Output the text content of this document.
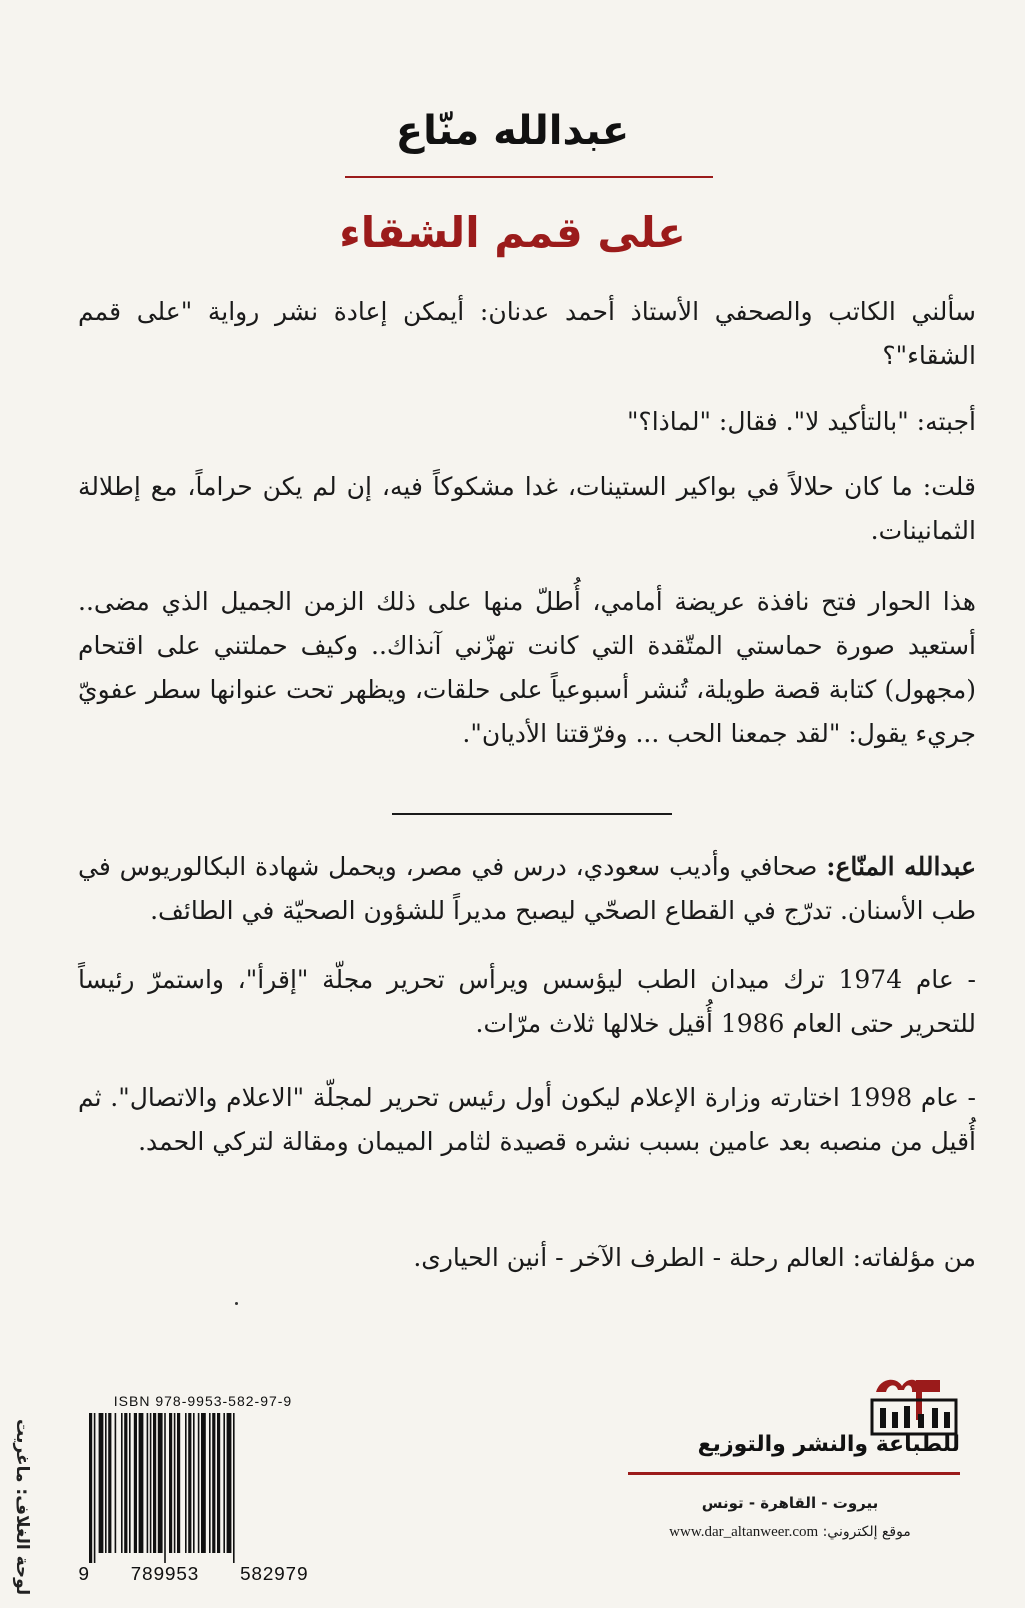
عبدالله منّاع
على قمم الشقاء

سألني الكاتب والصحفي الأستاذ أحمد عدنان: أيمكن إعادة نشر رواية "على قمم الشقاء"؟

أجبته: "بالتأكيد لا". فقال: "لماذا؟"

قلت: ما كان حلالاً في بواكير الستينات، غدا مشكوكاً فيه، إن لم يكن حراماً، مع إطلالة الثمانينات.

هذا الحوار فتح نافذة عريضة أمامي، أُطلّ منها على ذلك الزمن الجميل الذي مضى.. أستعيد صورة حماستي المتّقدة التي كانت تهزّني آنذاك.. وكيف حملتني على اقتحام (مجهول) كتابة قصة طويلة، تُنشر أسبوعياً على حلقات، ويظهر تحت عنوانها سطر عفويّ جريء يقول: "لقد جمعنا الحب ... وفرّقتنا الأديان".

عبدالله المنّاع: صحافي وأديب سعودي، درس في مصر، ويحمل شهادة البكالوريوس في طب الأسنان. تدرّج في القطاع الصحّي ليصبح مديراً للشؤون الصحيّة في الطائف.

- عام 1974 ترك ميدان الطب ليؤسس ويرأس تحرير مجلّة "إقرأ"، واستمرّ رئيساً للتحرير حتى العام 1986 أُقيل خلالها ثلاث مرّات.

- عام 1998 اختارته وزارة الإعلام ليكون أول رئيس تحرير لمجلّة "الاعلام والاتصال". ثم أُقيل من منصبه بعد عامين بسبب نشره قصيدة لثامر الميمان ومقالة لتركي الحمد.

من مؤلفاته: العالم رحلة - الطرف الآخر - أنين الحيارى.

ISBN 978-9953-582-97-9
9 789953 582979
لوحة الغلاف: ماغريت	للطباعة والنشر والتوزيع
بيروت - القاهرة - تونس
موقع إلكتروني: www.dar_altanweer.com
